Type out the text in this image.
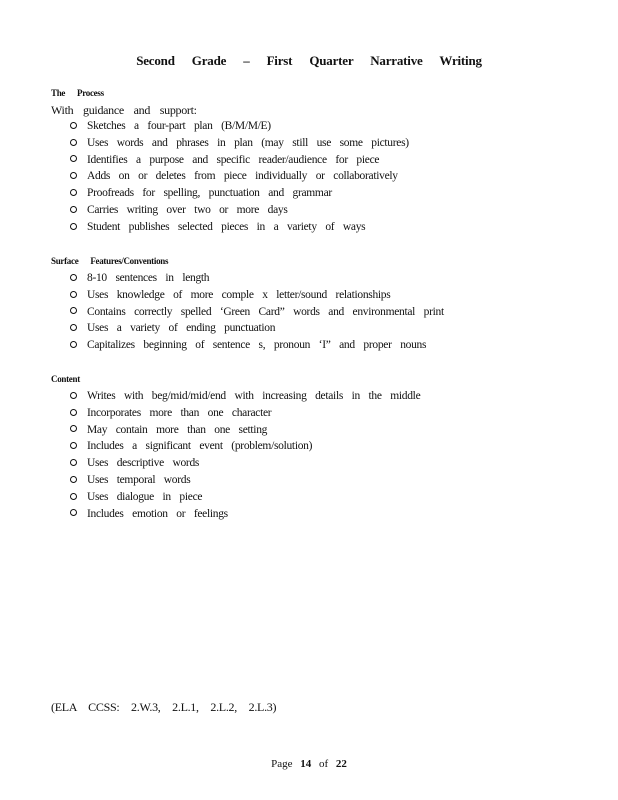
Second Grade – First Quarter Narrative Writing
The Process
With guidance and support:
Sketches a four-part plan (B/M/M/E)
Uses words and phrases in plan (may still use some pictures)
Identifies a purpose and specific reader/audience for piece
Adds on or deletes from piece individually or collaboratively
Proofreads for spelling, punctuation and grammar
Carries writing over two or more days
Student publishes selected pieces in a variety of ways
Surface Features/Conventions
8-10 sentences in length
Uses knowledge of more comple x letter/sound relationships
Contains correctly spelled ‘Green Card” words and environmental print
Uses a variety of ending punctuation
Capitalizes beginning of sentence s, pronoun ‘I” and proper nouns
Content
Writes with beg/mid/mid/end with increasing details in the middle
Incorporates more than one character
May contain more than one setting
Includes a significant event (problem/solution)
Uses descriptive words
Uses temporal words
Uses dialogue in piece
Includes emotion or feelings
(ELA CCSS: 2.W.3, 2.L.1, 2.L.2, 2.L.3)
Page 14 of 22
